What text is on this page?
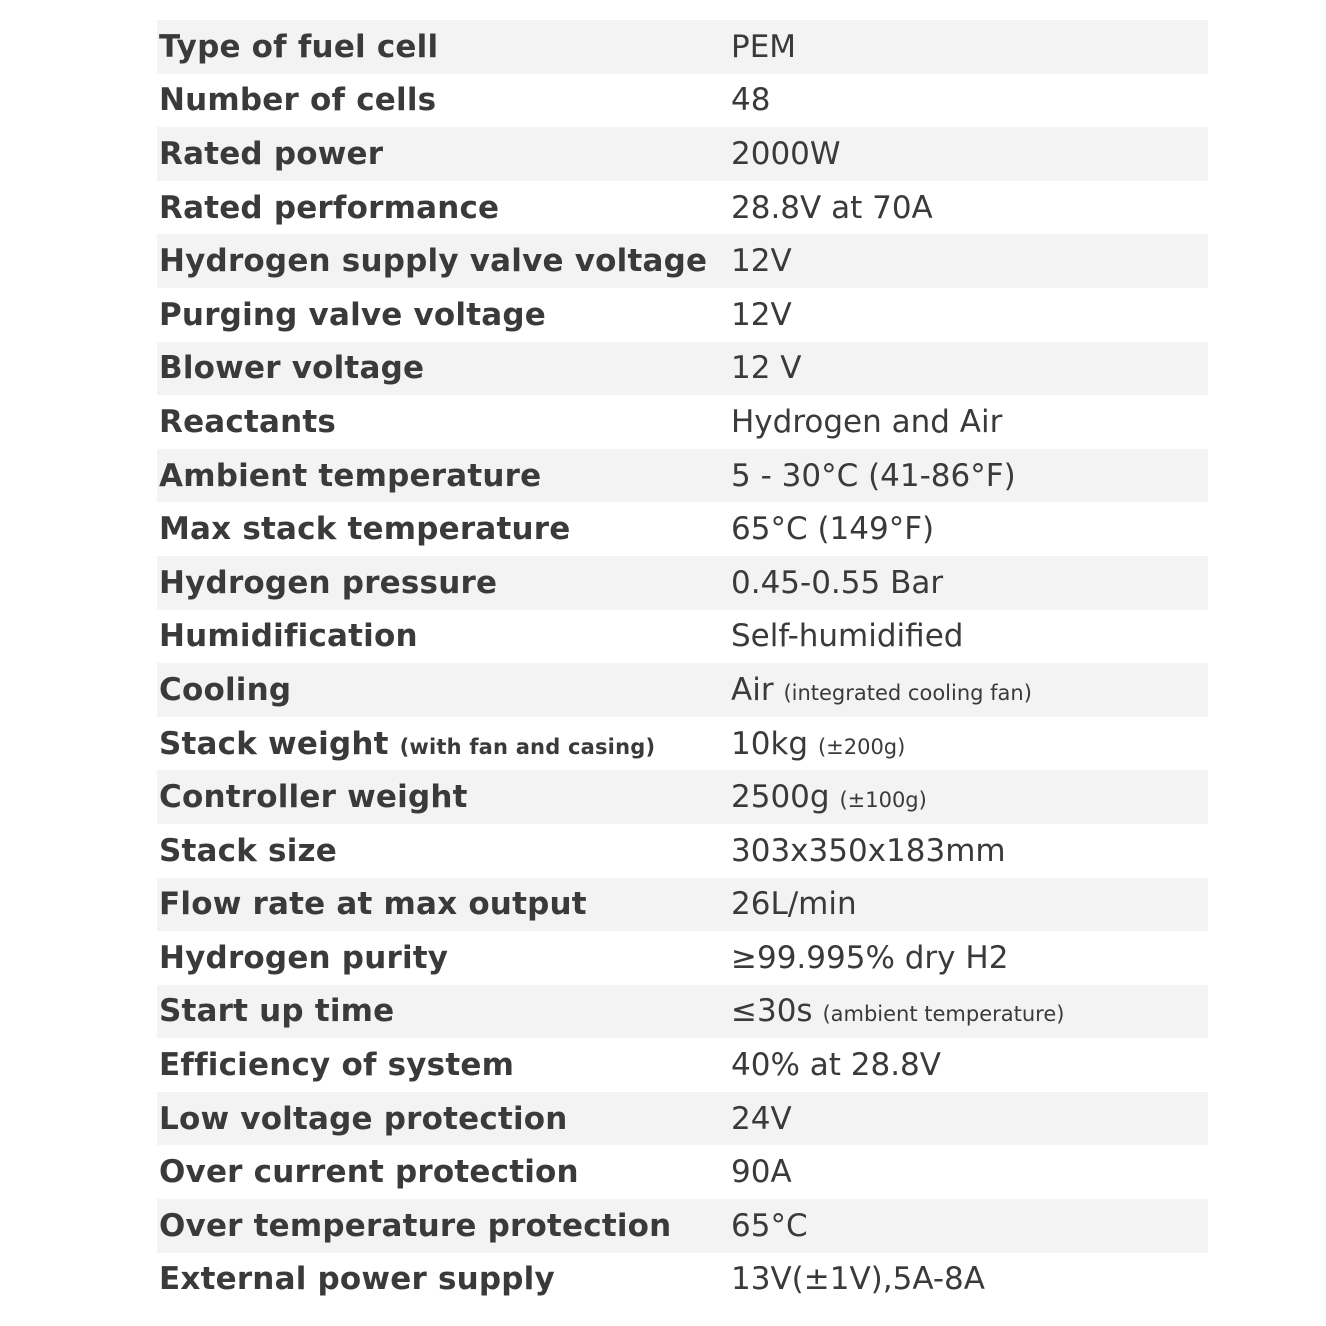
Type of fuel cell	PEM
Number of cells	48
Rated power	2000W
Rated performance	28.8V at 70A
Hydrogen supply valve voltage 12V
Purging valve voltage	12V
Blower voltage	12 V
Reactants	Hydrogen and Air
Ambient temperature	5 - 30°C (41-86°F)
Max stack temperature	65°C (149°F)
Hydrogen pressure	0.45-0.55 Bar
Humidification	Self-humidified
Cooling	Air (integrated cooling fan)
Stack weight (with fan and casing)	10kg (±200g)
Controller weight	2500g (±100g)
Stack size	303x350x183mm
Flow rate at max output	26L/min
Hydrogen purity	≥99.995% dry H2
Start up time	≤30s (ambient temperature)
Efficiency of system	40% at 28.8V
Low voltage protection	24V
Over current protection	90A
Over temperature protection	65°C
External power supply	13V(±1V),5A-8A
